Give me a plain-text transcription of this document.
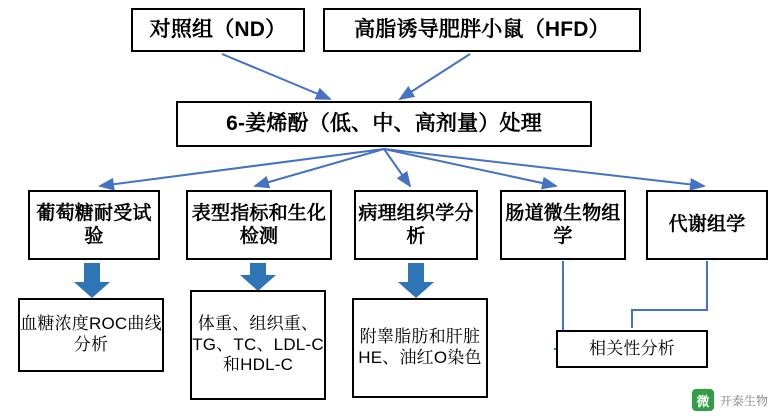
对照组（ND）	高脂诱导肥胖小鼠（HFD）
6-姜烯酚（低、中、高剂量）处理
葡萄糖耐受试验
表型指标和生化检测
病理组织学分析
肠道微生物组学
代谢组学
血糖浓度ROC曲线分析
体重、组织重、TG、TC、LDL-C和HDL-C
附睾脂肪和肝脏HE、油红O染色	相关性分析
微 开泰生物
